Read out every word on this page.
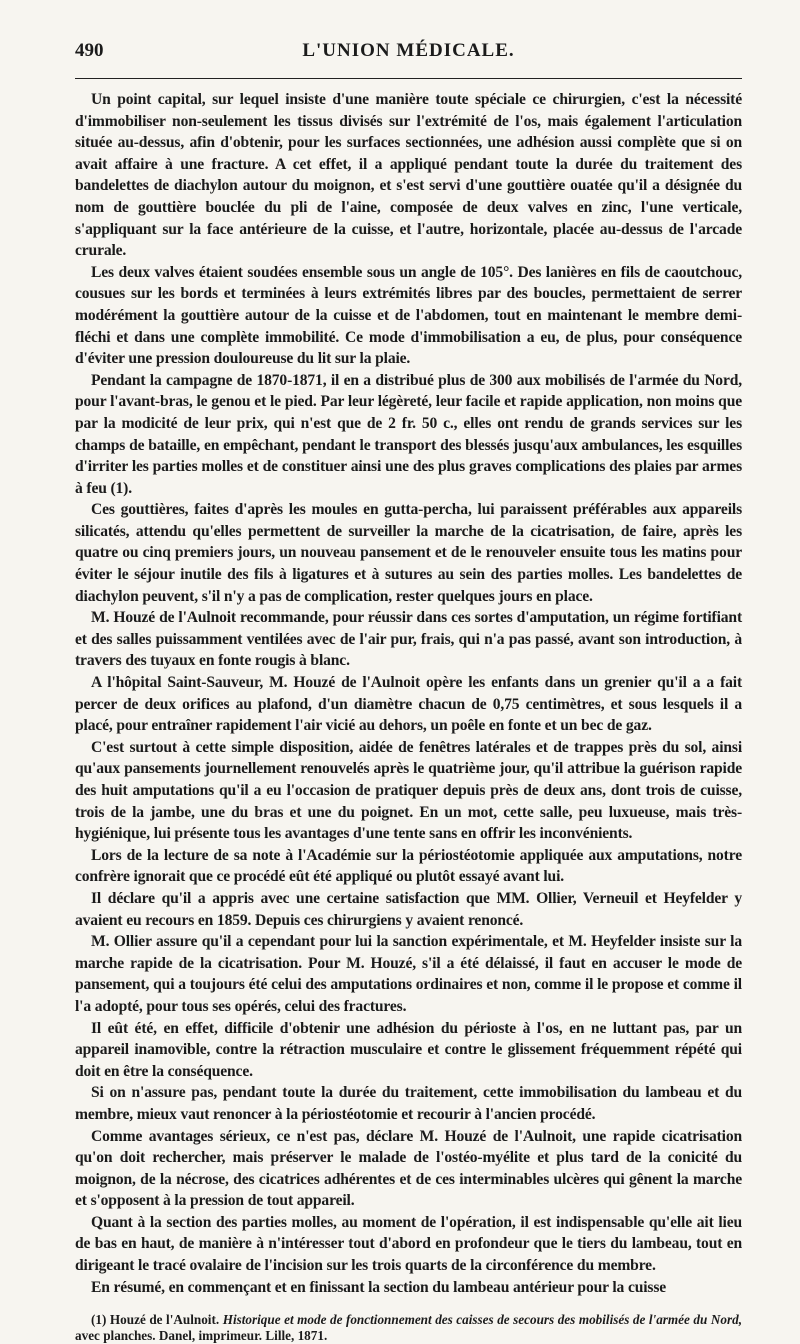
490	L'UNION MÉDICALE.

Un point capital, sur lequel insiste d'une manière toute spéciale ce chirurgien, c'est la nécessité d'immobiliser non-seulement les tissus divisés sur l'extrémité de l'os, mais également l'articulation située au-dessus, afin d'obtenir, pour les surfaces sectionnées, une adhésion aussi complète que si on avait affaire à une fracture. A cet effet, il a appliqué pendant toute la durée du traitement des bandelettes de diachylon autour du moignon, et s'est servi d'une gouttière ouatée qu'il a désignée du nom de gouttière bouclée du pli de l'aine, composée de deux valves en zinc, l'une verticale, s'appliquant sur la face antérieure de la cuisse, et l'autre, horizontale, placée au-dessus de l'arcade crurale.

Les deux valves étaient soudées ensemble sous un angle de 105°. Des lanières en fils de caoutchouc, cousues sur les bords et terminées à leurs extrémités libres par des boucles, permettaient de serrer modérément la gouttière autour de la cuisse et de l'abdomen, tout en maintenant le membre demi-fléchi et dans une complète immobilité. Ce mode d'immobilisation a eu, de plus, pour conséquence d'éviter une pression douloureuse du lit sur la plaie.

Pendant la campagne de 1870-1871, il en a distribué plus de 300 aux mobilisés de l'armée du Nord, pour l'avant-bras, le genou et le pied. Par leur légèreté, leur facile et rapide application, non moins que par la modicité de leur prix, qui n'est que de 2 fr. 50 c., elles ont rendu de grands services sur les champs de bataille, en empêchant, pendant le transport des blessés jusqu'aux ambulances, les esquilles d'irriter les parties molles et de constituer ainsi une des plus graves complications des plaies par armes à feu (1).

Ces gouttières, faites d'après les moules en gutta-percha, lui paraissent préférables aux appareils silicatés, attendu qu'elles permettent de surveiller la marche de la cicatrisation, de faire, après les quatre ou cinq premiers jours, un nouveau pansement et de le renouveler ensuite tous les matins pour éviter le séjour inutile des fils à ligatures et à sutures au sein des parties molles. Les bandelettes de diachylon peuvent, s'il n'y a pas de complication, rester quelques jours en place.

M. Houzé de l'Aulnoit recommande, pour réussir dans ces sortes d'amputation, un régime fortifiant et des salles puissamment ventilées avec de l'air pur, frais, qui n'a pas passé, avant son introduction, à travers des tuyaux en fonte rougis à blanc.

A l'hôpital Saint-Sauveur, M. Houzé de l'Aulnoit opère les enfants dans un grenier qu'il a a fait percer de deux orifices au plafond, d'un diamètre chacun de 0,75 centimètres, et sous lesquels il a placé, pour entraîner rapidement l'air vicié au dehors, un poêle en fonte et un bec de gaz.

C'est surtout à cette simple disposition, aidée de fenêtres latérales et de trappes près du sol, ainsi qu'aux pansements journellement renouvelés après le quatrième jour, qu'il attribue la guérison rapide des huit amputations qu'il a eu l'occasion de pratiquer depuis près de deux ans, dont trois de cuisse, trois de la jambe, une du bras et une du poignet. En un mot, cette salle, peu luxueuse, mais très-hygiénique, lui présente tous les avantages d'une tente sans en offrir les inconvénients.

Lors de la lecture de sa note à l'Académie sur la périostéotomie appliquée aux amputations, notre confrère ignorait que ce procédé eût été appliqué ou plutôt essayé avant lui.

Il déclare qu'il a appris avec une certaine satisfaction que MM. Ollier, Verneuil et Heyfelder y avaient eu recours en 1859. Depuis ces chirurgiens y avaient renoncé.

M. Ollier assure qu'il a cependant pour lui la sanction expérimentale, et M. Heyfelder insiste sur la marche rapide de la cicatrisation. Pour M. Houzé, s'il a été délaissé, il faut en accuser le mode de pansement, qui a toujours été celui des amputations ordinaires et non, comme il le propose et comme il l'a adopté, pour tous ses opérés, celui des fractures.

Il eût été, en effet, difficile d'obtenir une adhésion du périoste à l'os, en ne luttant pas, par un appareil inamovible, contre la rétraction musculaire et contre le glissement fréquemment répété qui doit en être la conséquence.

Si on n'assure pas, pendant toute la durée du traitement, cette immobilisation du lambeau et du membre, mieux vaut renoncer à la périostéotomie et recourir à l'ancien procédé.

Comme avantages sérieux, ce n'est pas, déclare M. Houzé de l'Aulnoit, une rapide cicatrisation qu'on doit rechercher, mais préserver le malade de l'ostéo-myélite et plus tard de la conicité du moignon, de la nécrose, des cicatrices adhérentes et de ces interminables ulcères qui gênent la marche et s'opposent à la pression de tout appareil.

Quant à la section des parties molles, au moment de l'opération, il est indispensable qu'elle ait lieu de bas en haut, de manière à n'intéresser tout d'abord en profondeur que le tiers du lambeau, tout en dirigeant le tracé ovalaire de l'incision sur les trois quarts de la circonférence du membre.

En résumé, en commençant et en finissant la section du lambeau antérieur pour la cuisse

(1) Houzé de l'Aulnoit. Historique et mode de fonctionnement des caisses de secours des mobilisés de l'armée du Nord, avec planches. Danel, imprimeur. Lille, 1871.
